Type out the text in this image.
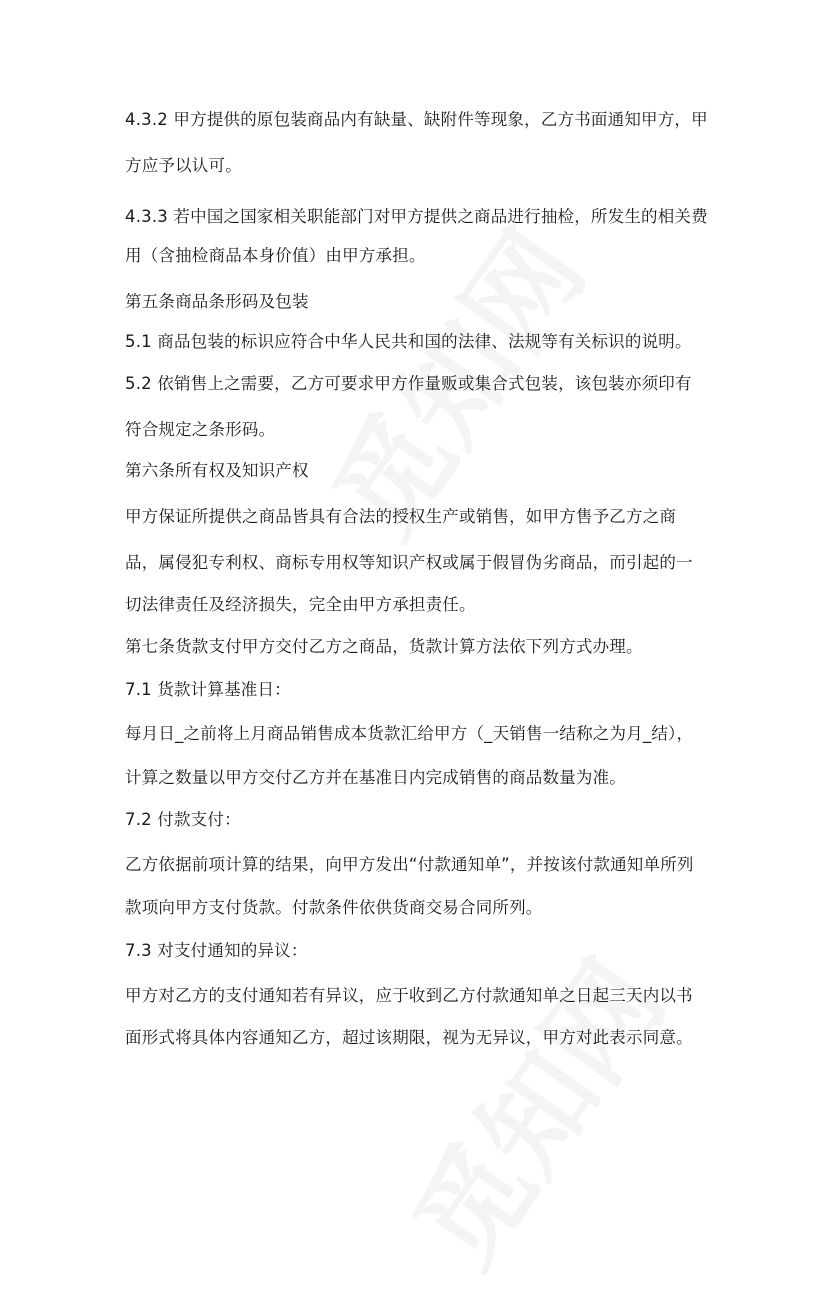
4.3.2 甲方提供的原包装商品内有缺量、缺附件等现象，乙方书面通知甲方，甲
方应予以认可。
4.3.3 若中国之国家相关职能部门对甲方提供之商品进行抽检，所发生的相关费
用（含抽检商品本身价值）由甲方承担。
第五条商品条形码及包装
5.1 商品包装的标识应符合中华人民共和国的法律、法规等有关标识的说明。
5.2 依销售上之需要，乙方可要求甲方作量贩或集合式包装，该包装亦须印有
符合规定之条形码。
第六条所有权及知识产权
甲方保证所提供之商品皆具有合法的授权生产或销售，如甲方售予乙方之商
品，属侵犯专利权、商标专用权等知识产权或属于假冒伪劣商品，而引起的一
切法律责任及经济损失，完全由甲方承担责任。
第七条货款支付甲方交付乙方之商品，货款计算方法依下列方式办理。
7.1 货款计算基准日：
每月日_之前将上月商品销售成本货款汇给甲方（_天销售一结称之为月_结），
计算之数量以甲方交付乙方并在基准日内完成销售的商品数量为准。
7.2 付款支付：
乙方依据前项计算的结果，向甲方发出“付款通知单”，并按该付款通知单所列
款项向甲方支付货款。付款条件依供货商交易合同所列。
7.3 对支付通知的异议：
甲方对乙方的支付通知若有异议，应于收到乙方付款通知单之日起三天内以书
面形式将具体内容通知乙方，超过该期限，视为无异议，甲方对此表示同意。
